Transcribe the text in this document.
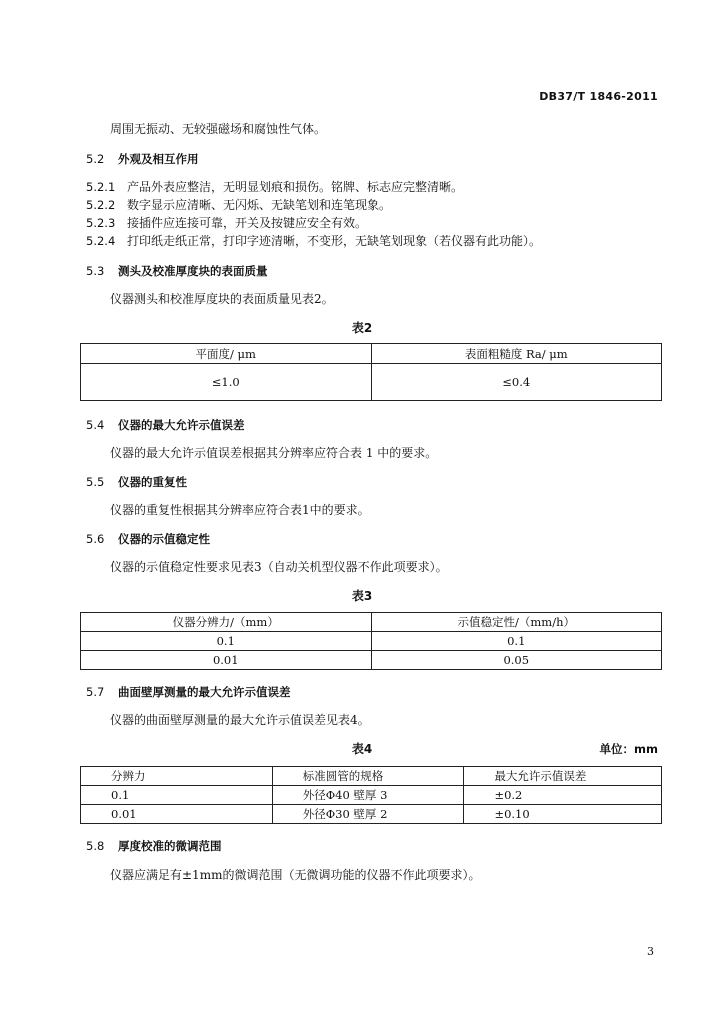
DB37/T 1846-2011
周围无振动、无较强磁场和腐蚀性气体。
5.2 外观及相互作用
5.2.1 产品外表应整洁，无明显划痕和损伤。铭牌、标志应完整清晰。
5.2.2 数字显示应清晰、无闪烁、无缺笔划和连笔现象。
5.2.3 接插件应连接可靠，开关及按键应安全有效。
5.2.4 打印纸走纸正常，打印字迹清晰，不变形，无缺笔划现象（若仪器有此功能）。
5.3 测头及校准厚度块的表面质量
仪器测头和校准厚度块的表面质量见表2。
表2
平面度/ μm	表面粗糙度 Ra/ μm
≤1.0	≤0.4
5.4 仪器的最大允许示值误差
仪器的最大允许示值误差根据其分辨率应符合表 1 中的要求。
5.5 仪器的重复性
仪器的重复性根据其分辨率应符合表1中的要求。
5.6 仪器的示值稳定性
仪器的示值稳定性要求见表3（自动关机型仪器不作此项要求）。
表3
仪器分辨力/（mm）	示值稳定性/（mm/h）
0.1	0.1
0.01	0.05
5.7 曲面壁厚测量的最大允许示值误差
仪器的曲面壁厚测量的最大允许示值误差见表4。
表4	单位：mm
分辨力	标准圆管的规格	最大允许示值误差
0.1	外径Φ40 壁厚 3	±0.2
0.01	外径Φ30 壁厚 2	±0.10
5.8 厚度校准的微调范围
仪器应满足有±1mm的微调范围（无微调功能的仪器不作此项要求）。
3
